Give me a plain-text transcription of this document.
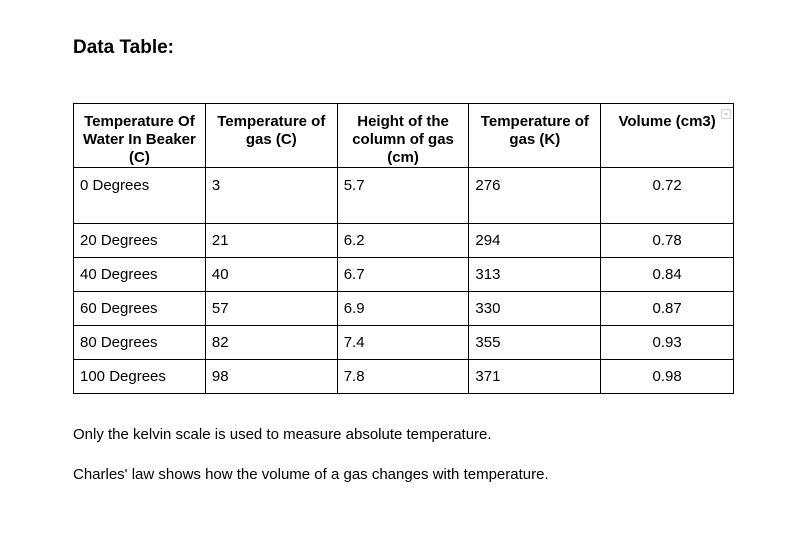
Data Table:
Temperature Of Water In Beaker (C)	Temperature of gas (C)	Height of the column of gas (cm)	Temperature of gas (K)	Volume (cm3)

0 Degrees	3	5.7	276	0.72
20 Degrees	21	6.2	294	0.78
40 Degrees	40	6.7	313	0.84
60 Degrees	57	6.9	330	0.87
80 Degrees	82	7.4	355	0.93
100 Degrees	98	7.8	371	0.98

Only the kelvin scale is used to measure absolute temperature.

Charles' law shows how the volume of a gas changes with temperature.
